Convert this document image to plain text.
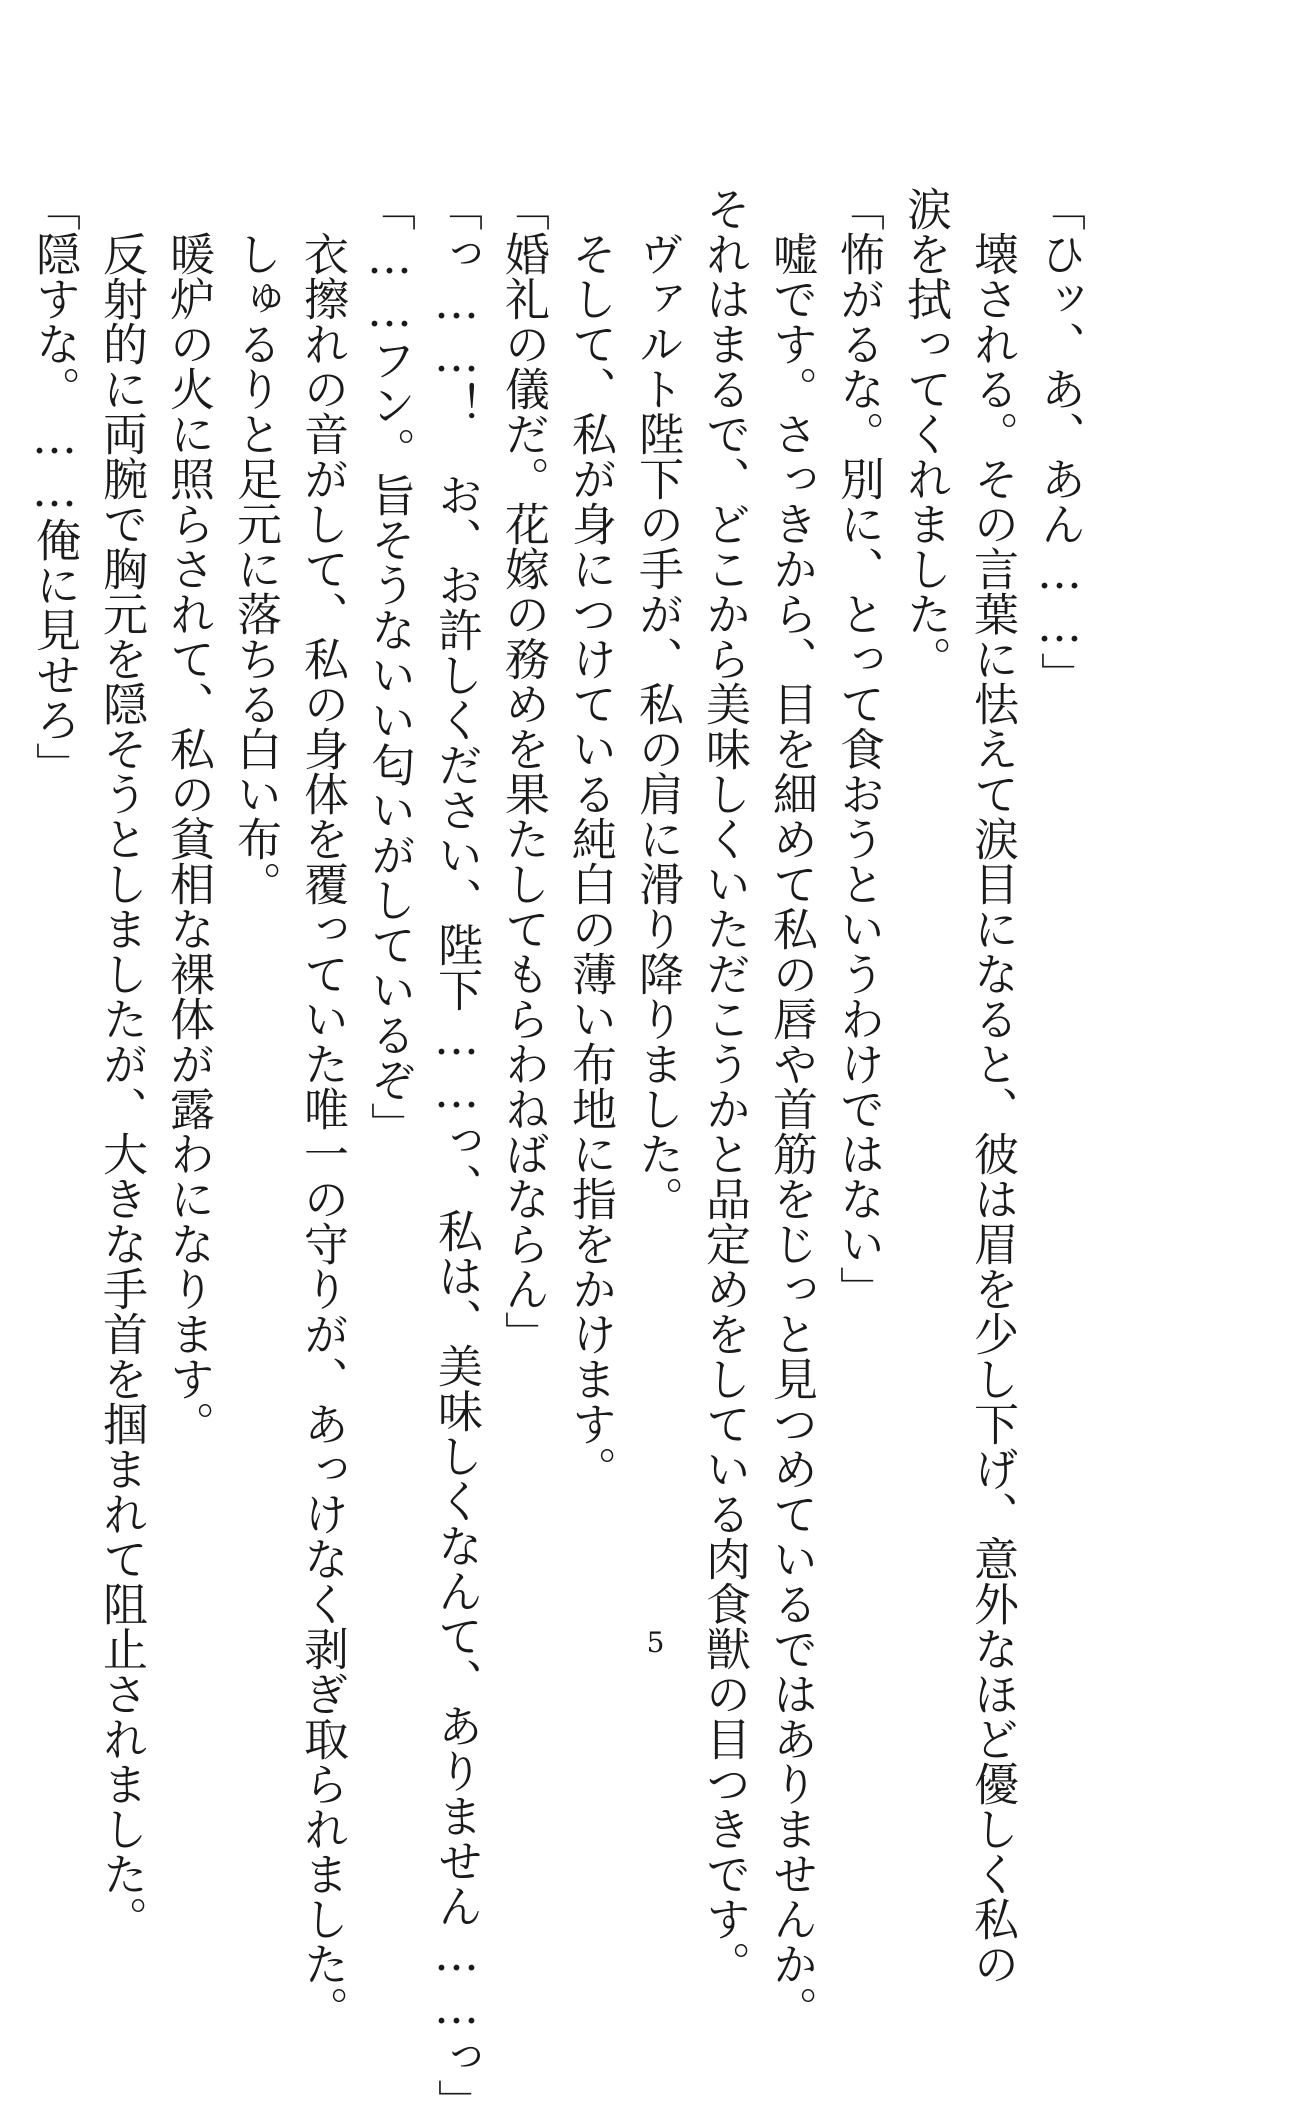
「ひッ、あ、あん……」

　壊される。その言葉に怯えて涙目になると、彼は眉を少し下げ、意外なほど優しく私の

涙を拭ってくれました。

「怖がるな。別に、とって食おうというわけではない」

　嘘です。さっきから、目を細めて私の唇や首筋をじっと見つめているではありませんか。

それはまるで、どこから美味しくいただこうかと品定めをしている肉食獣の目つきです。

　ヴァルト陛下の手が、私の肩に滑り降りました。

　そして、私が身につけている純白の薄い布地に指をかけます。

「婚礼の儀だ。花嫁の務めを果たしてもらわねばならん」

「っ……！　お、お許しください、陛下……っ、私は、美味しくなんて、ありません……っ」

「……フン。旨そうないい匂いがしているぞ」

　衣擦れの音がして、私の身体を覆っていた唯一の守りが、あっけなく剥ぎ取られました。

　しゅるりと足元に落ちる白い布。

　暖炉の火に照らされて、私の貧相な裸体が露わになります。

　反射的に両腕で胸元を隠そうとしましたが、大きな手首を掴まれて阻止されました。

「隠すな。……俺に見せろ」

5
